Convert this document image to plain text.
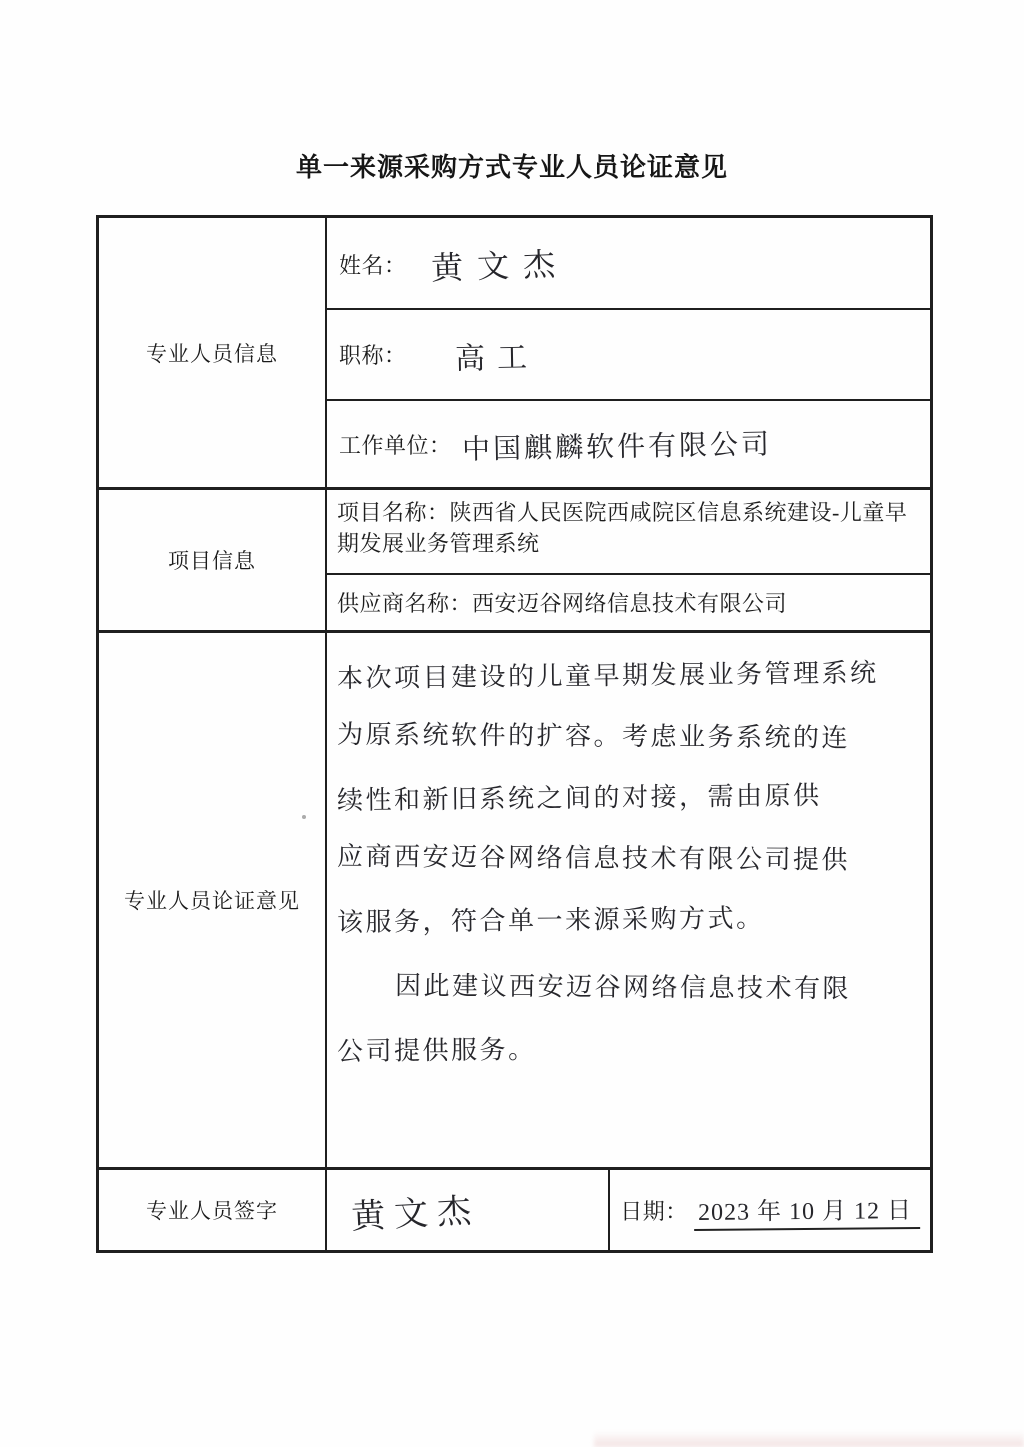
单一来源采购方式专业人员论证意见
专业人员信息
姓名： 黄文杰
职称： 高工
工作单位： 中国麒麟软件有限公司
项目信息
项目名称：陕西省人民医院西咸院区信息系统建设-儿童早期发展业务管理系统
供应商名称：西安迈谷网络信息技术有限公司
专业人员论证意见
本次项目建设的儿童早期发展业务管理系统
为原系统软件的扩容。考虑业务系统的连
续性和新旧系统之间的对接，需由原供
应商西安迈谷网络信息技术有限公司提供
该服务，符合单一来源采购方式。
因此建议西安迈谷网络信息技术有限
公司提供服务。
专业人员签字 黄文杰	日期： 2023 年 10 月 12 日
